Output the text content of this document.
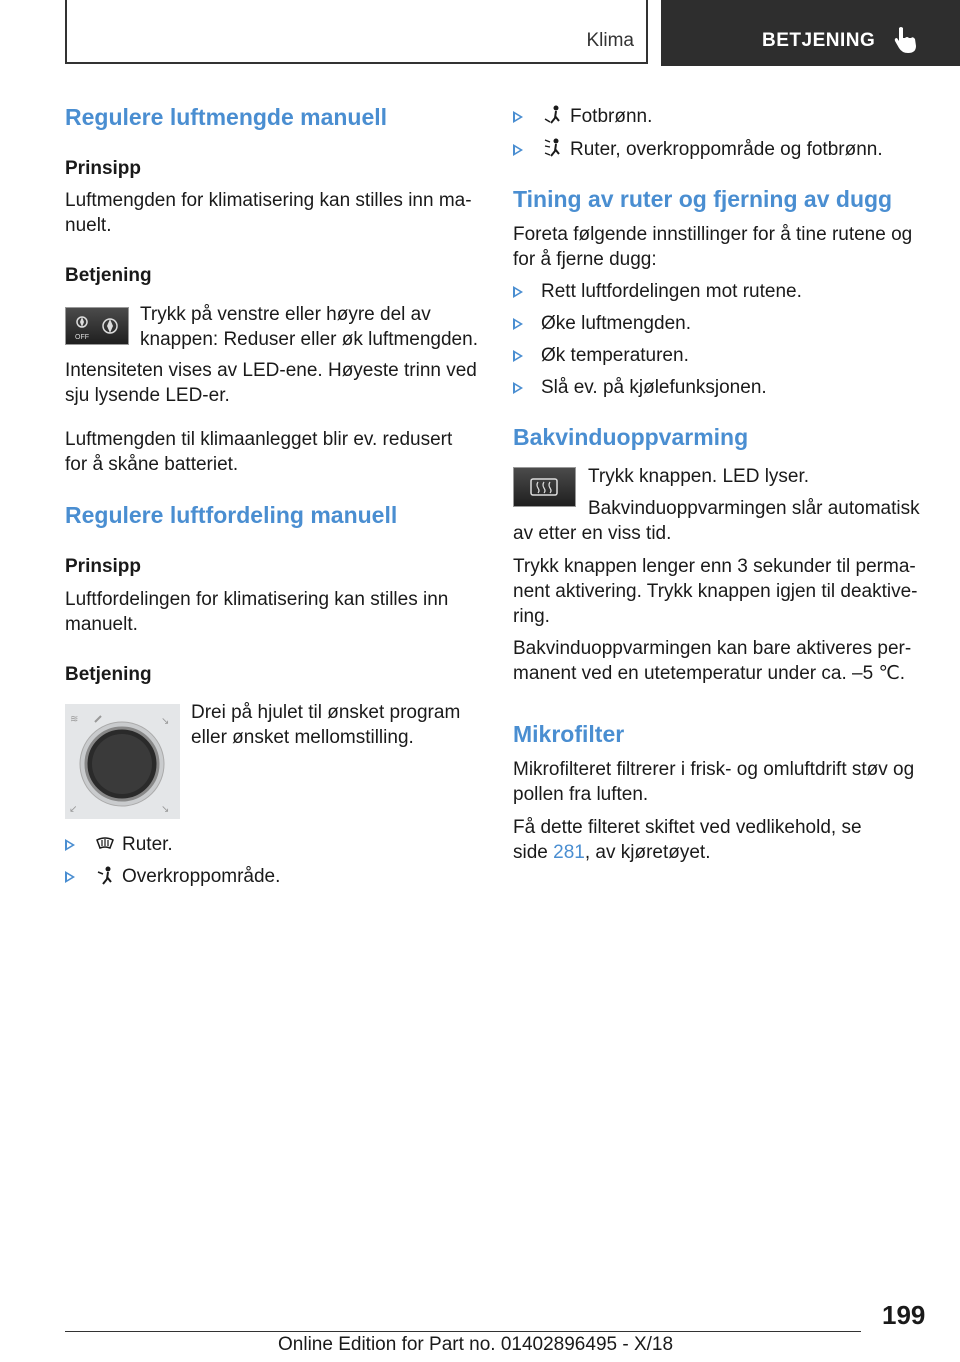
Klima	BETJENING
Regulere luftmengde manuell
Prinsipp
Luftmengden for klimatisering kan stilles inn ma-nuelt.
Betjening
OFF
Trykk på venstre eller høyre del av knappen: Reduser eller øk luftmengden.
Intensiteten vises av LED-ene. Høyeste trinn ved sju lysende LED-er.
Luftmengden til klimaanlegget blir ev. redusert for å skåne batteriet.
Regulere luftfordeling manuell
Prinsipp
Luftfordelingen for klimatisering kan stilles inn manuelt.
Betjening
≋	↘
↙	↘
Drei på hjulet til ønsket program eller ønsket mellomstilling.
Ruter.
Overkroppområde.
Fotbrønn.
Ruter, overkroppområde og fotbrønn.
Tining av ruter og fjerning av dugg
Foreta følgende innstillinger for å tine rutene og for å fjerne dugg:
Rett luftfordelingen mot rutene.
Øke luftmengden.
Øk temperaturen.
Slå ev. på kjølefunksjonen.
Bakvinduoppvarming
Trykk knappen. LED lyser.
Bakvinduoppvarmingen slår automatisk av etter en viss tid.
Trykk knappen lenger enn 3 sekunder til perma-nent aktivering. Trykk knappen igjen til deaktive-ring.
Bakvinduoppvarmingen kan bare aktiveres per-manent ved en utetemperatur under ca. –5 ℃.
Mikrofilter
Mikrofilteret filtrerer i frisk- og omluftdrift støv og pollen fra luften.
Få dette filteret skiftet ved vedlikehold, se side 281, av kjøretøyet.
199
Online Edition for Part no. 01402896495 - X/18
